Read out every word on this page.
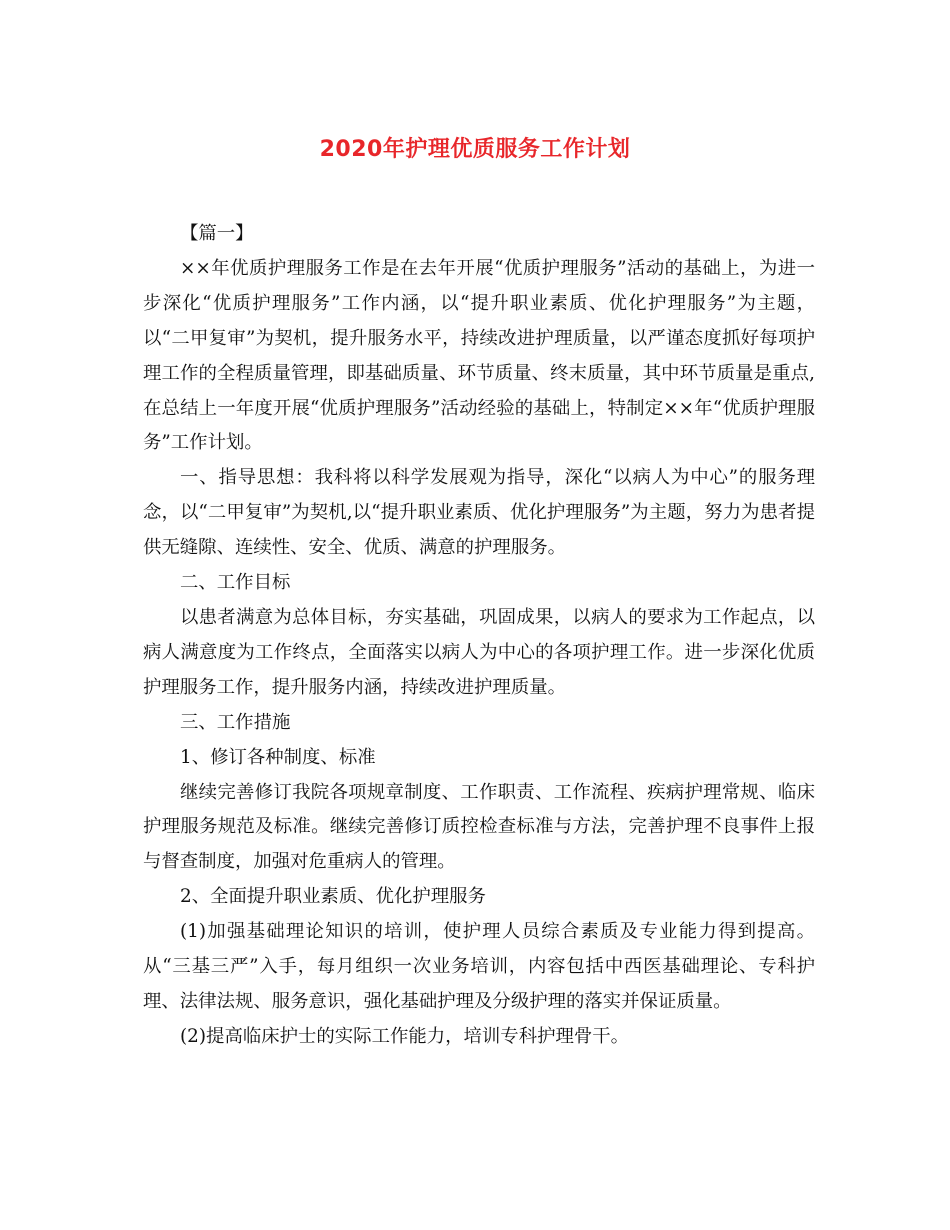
2020年护理优质服务工作计划

【篇一】

××年优质护理服务工作是在去年开展“优质护理服务”活动的基础上，为进一步深化“优质护理服务”工作内涵，以“提升职业素质、优化护理服务”为主题，以“二甲复审”为契机，提升服务水平，持续改进护理质量，以严谨态度抓好每项护理工作的全程质量管理，即基础质量、环节质量、终末质量，其中环节质量是重点,在总结上一年度开展“优质护理服务”活动经验的基础上，特制定××年“优质护理服务”工作计划。

一、指导思想：我科将以科学发展观为指导，深化“以病人为中心”的服务理念，以“二甲复审”为契机,以“提升职业素质、优化护理服务”为主题，努力为患者提供无缝隙、连续性、安全、优质、满意的护理服务。

二、工作目标

以患者满意为总体目标，夯实基础，巩固成果，以病人的要求为工作起点，以病人满意度为工作终点，全面落实以病人为中心的各项护理工作。进一步深化优质护理服务工作，提升服务内涵，持续改进护理质量。

三、工作措施

1、修订各种制度、标准

继续完善修订我院各项规章制度、工作职责、工作流程、疾病护理常规、临床护理服务规范及标准。继续完善修订质控检查标准与方法，完善护理不良事件上报与督查制度，加强对危重病人的管理。

2、全面提升职业素质、优化护理服务

(1)加强基础理论知识的培训，使护理人员综合素质及专业能力得到提高。从“三基三严”入手，每月组织一次业务培训，内容包括中西医基础理论、专科护理、法律法规、服务意识，强化基础护理及分级护理的落实并保证质量。

(2)提高临床护士的实际工作能力，培训专科护理骨干。
